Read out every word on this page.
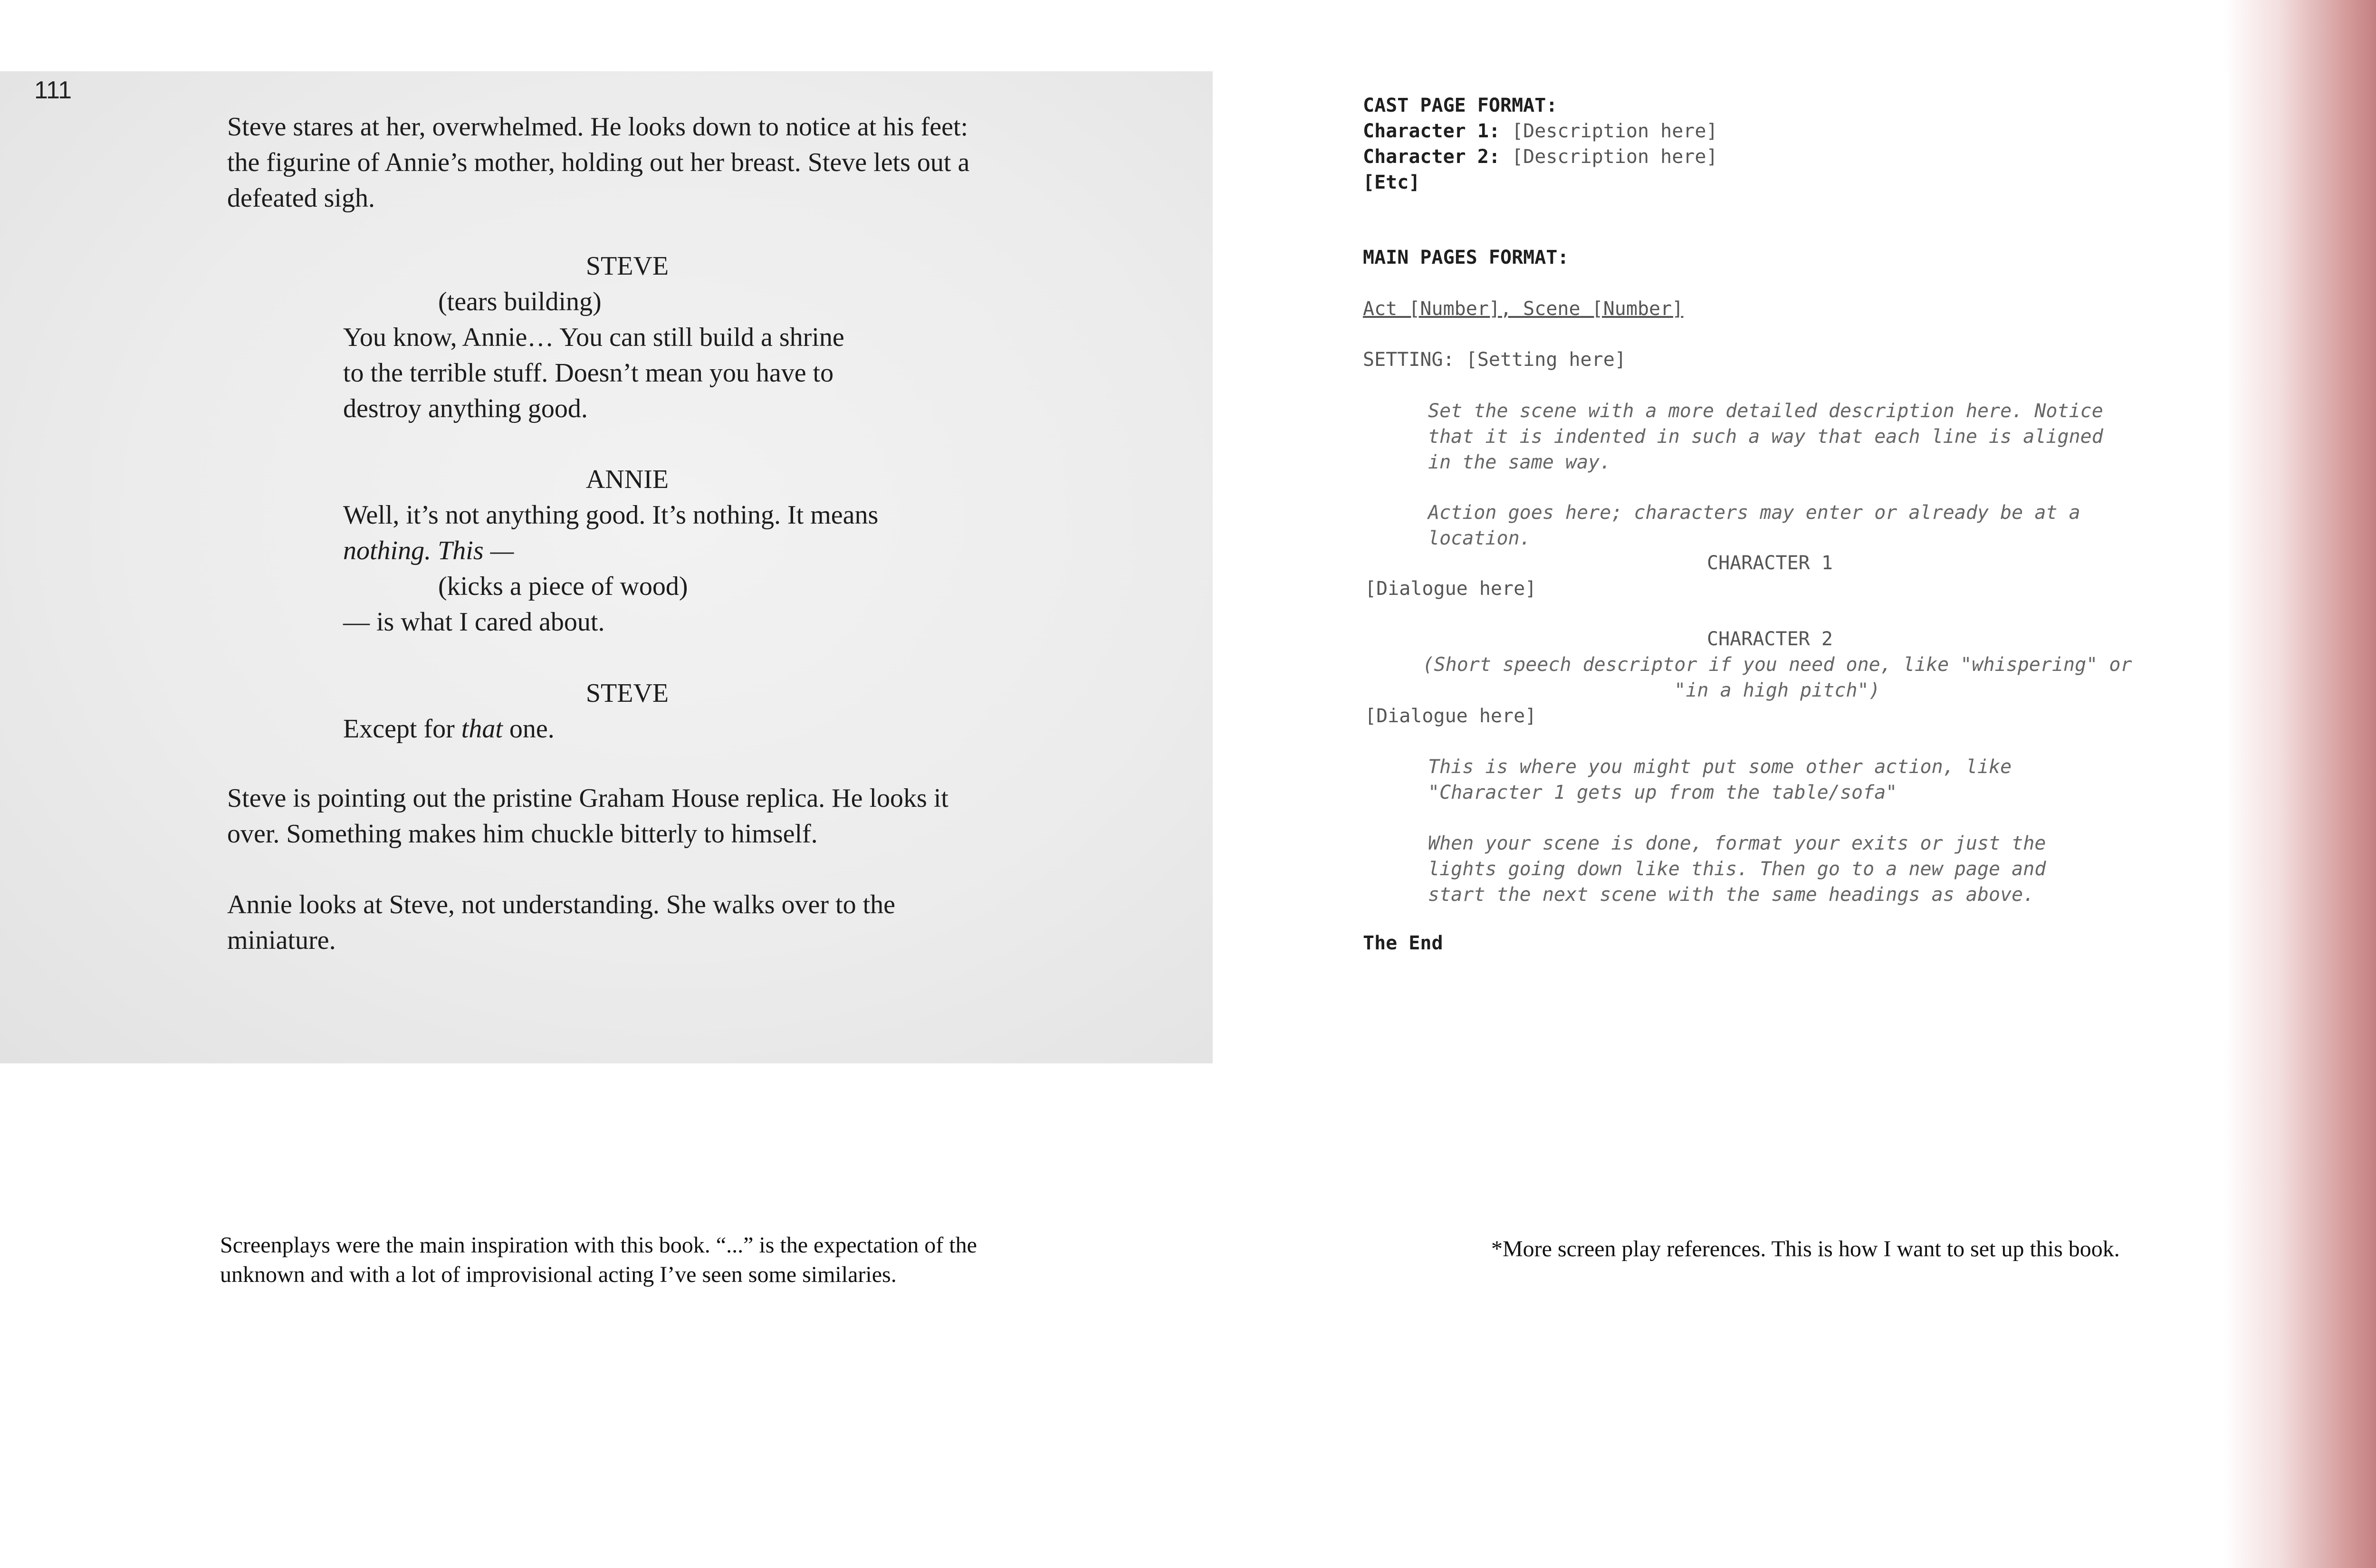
111
Steve stares at her, overwhelmed. He looks down to notice at his feet:
the figurine of Annie’s mother, holding out her breast. Steve lets out a
defeated sigh.
STEVE
(tears building)
You know, Annie… You can still build a shrine
to the terrible stuff. Doesn’t mean you have to
destroy anything good.
ANNIE
Well, it’s not anything good. It’s nothing. It means
nothing. This —
(kicks a piece of wood)
— is what I cared about.
STEVE
Except for that one.
Steve is pointing out the pristine Graham House replica. He looks it
over. Something makes him chuckle bitterly to himself.
Annie looks at Steve, not understanding. She walks over to the
miniature.
CAST PAGE FORMAT:
Character 1: [Description here]
Character 2: [Description here]
[Etc]
MAIN PAGES FORMAT:
Act [Number], Scene [Number]
SETTING: [Setting here]
Set the scene with a more detailed description here. Notice
that it is indented in such a way that each line is aligned
in the same way.
Action goes here; characters may enter or already be at a
location.
CHARACTER 1
[Dialogue here]
CHARACTER 2
(Short speech descriptor if you need one, like "whispering" or
"in a high pitch")
[Dialogue here]
This is where you might put some other action, like
"Character 1 gets up from the table/sofa"
When your scene is done, format your exits or just the
lights going down like this. Then go to a new page and
start the next scene with the same headings as above.
The End
Screenplays were the main inspiration with this book. “...” is the expectation of the
unknown and with a lot of improvisional acting I’ve seen some similaries.
*More screen play references. This is how I want to set up this book.
